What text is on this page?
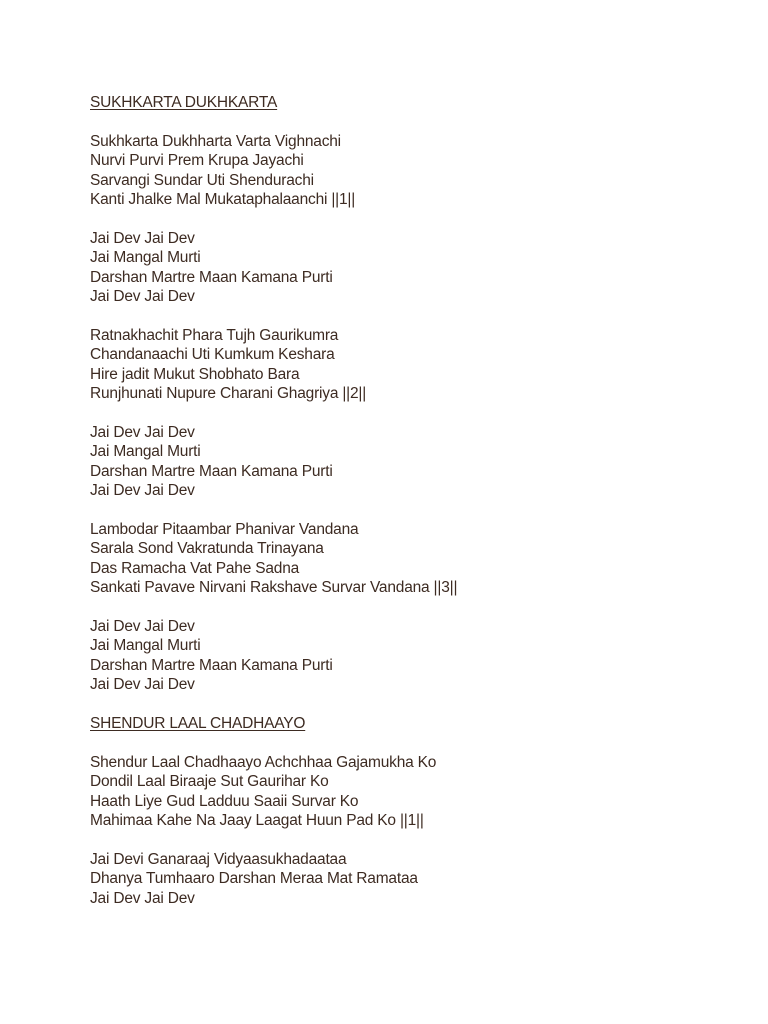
SUKHKARTA DUKHKARTA
Sukhkarta Dukhharta Varta Vighnachi
Nurvi Purvi Prem Krupa Jayachi
Sarvangi Sundar Uti Shendurachi
Kanti Jhalke Mal Mukataphalaanchi ||1||
Jai Dev Jai Dev
Jai Mangal Murti
Darshan Martre Maan Kamana Purti
Jai Dev Jai Dev
Ratnakhachit Phara Tujh Gaurikumra
Chandanaachi Uti Kumkum Keshara
Hire jadit Mukut Shobhato Bara
Runjhunati Nupure Charani Ghagriya ||2||
Jai Dev Jai Dev
Jai Mangal Murti
Darshan Martre Maan Kamana Purti
Jai Dev Jai Dev
Lambodar Pitaambar Phanivar Vandana
Sarala Sond Vakratunda Trinayana
Das Ramacha Vat Pahe Sadna
Sankati Pavave Nirvani Rakshave Survar Vandana ||3||
Jai Dev Jai Dev
Jai Mangal Murti
Darshan Martre Maan Kamana Purti
Jai Dev Jai Dev
SHENDUR LAAL CHADHAAYO
Shendur Laal Chadhaayo Achchhaa Gajamukha Ko
Dondil Laal Biraaje Sut Gaurihar Ko
Haath Liye Gud Ladduu Saaii Survar Ko
Mahimaa Kahe Na Jaay Laagat Huun Pad Ko ||1||
Jai Devi Ganaraaj Vidyaasukhadaataa
Dhanya Tumhaaro Darshan Meraa Mat Ramataa
Jai Dev Jai Dev
